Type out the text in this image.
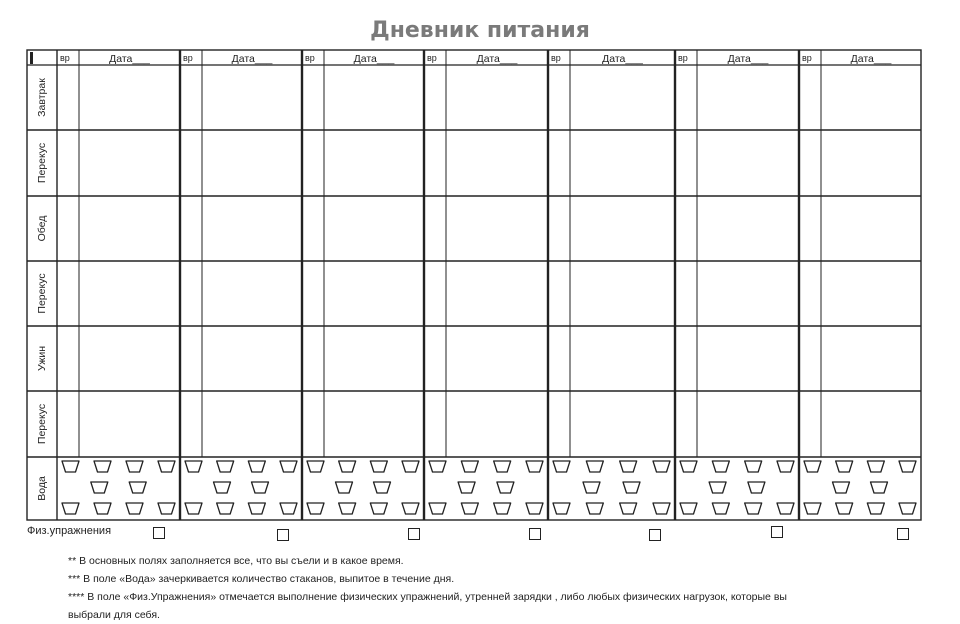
Дневник питания
вр	Дата___	вр	Дата___	вр	Дата___	вр	Дата___	вр	Дата___	вр	Дата___	вр	Дата___
Завтрак
Перекус
Обед
Перекус
Ужин
Перекус
Вода
Физ.упражнения
** В основных полях заполняется все, что вы съели и в какое время.
*** В поле «Вода» зачеркивается количество стаканов, выпитое в течение дня.
**** В поле «Физ.Упражнения» отмечается выполнение физических упражнений, утренней зарядки , либо любых физических нагрузок, которые вы
выбрали для себя.
